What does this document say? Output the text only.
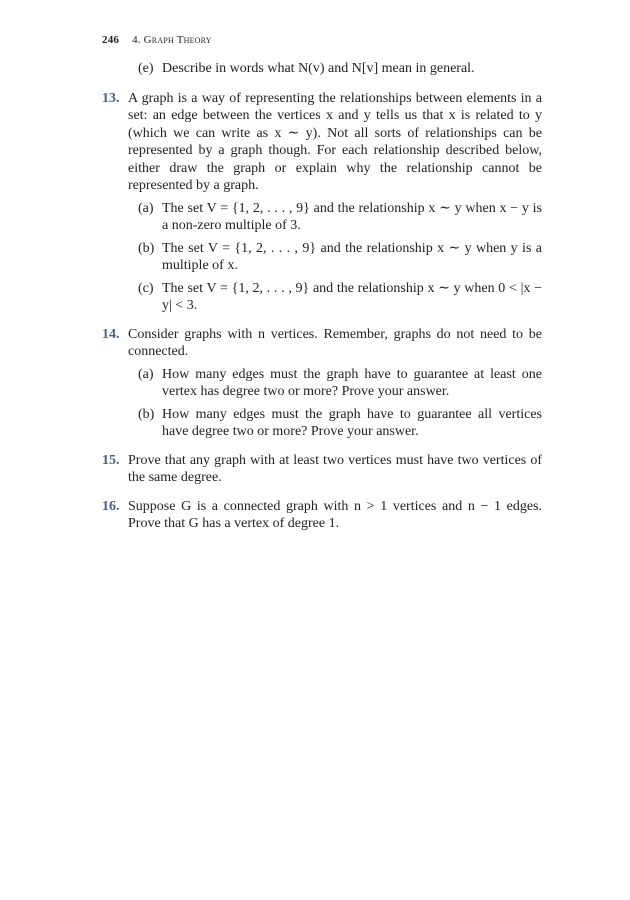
246 4. Graph Theory
(e) Describe in words what N(v) and N[v] mean in general.
13. A graph is a way of representing the relationships between elements in a set: an edge between the vertices x and y tells us that x is related to y (which we can write as x ∼ y). Not all sorts of relationships can be represented by a graph though. For each relationship described below, either draw the graph or explain why the relationship cannot be represented by a graph.
(a) The set V = {1, 2, . . . , 9} and the relationship x ∼ y when x − y is a non-zero multiple of 3.
(b) The set V = {1, 2, . . . , 9} and the relationship x ∼ y when y is a multiple of x.
(c) The set V = {1, 2, . . . , 9} and the relationship x ∼ y when 0 < |x − y| < 3.
14. Consider graphs with n vertices. Remember, graphs do not need to be connected.
(a) How many edges must the graph have to guarantee at least one vertex has degree two or more? Prove your answer.
(b) How many edges must the graph have to guarantee all vertices have degree two or more? Prove your answer.
15. Prove that any graph with at least two vertices must have two vertices of the same degree.
16. Suppose G is a connected graph with n > 1 vertices and n − 1 edges. Prove that G has a vertex of degree 1.
